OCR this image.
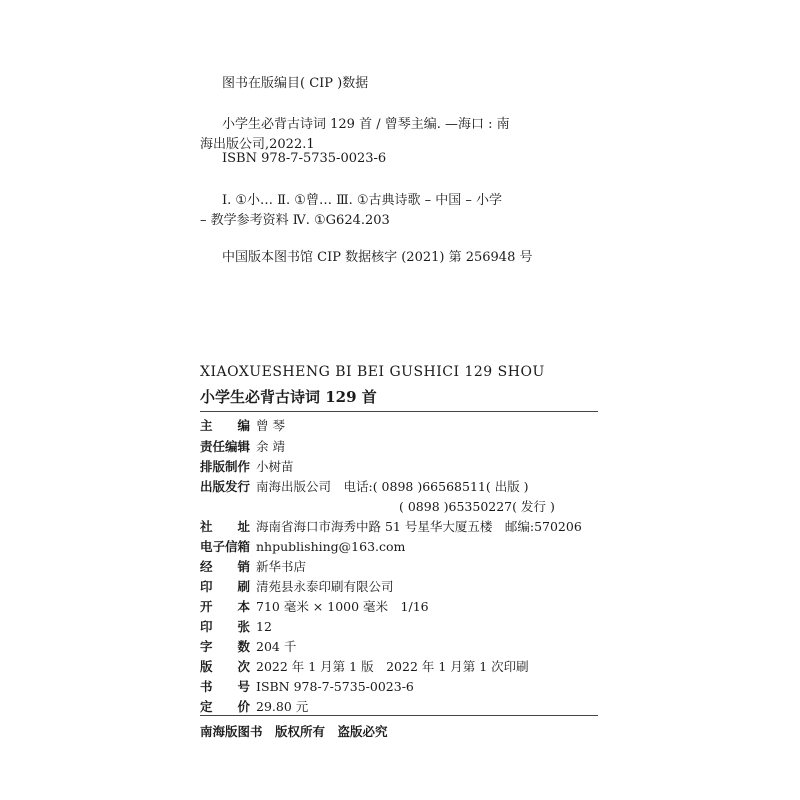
图书在版编目( CIP )数据
小学生必背古诗词 129 首 / 曾琴主编. —海口 : 南
海出版公司,2022.1
ISBN 978-7-5735-0023-6
Ⅰ. ①小… Ⅱ. ①曾… Ⅲ. ①古典诗歌 – 中国 – 小学
– 教学参考资料 Ⅳ. ①G624.203
中国版本图书馆 CIP 数据核字 (2021) 第 256948 号
XIAOXUESHENG BI BEI GUSHICI 129 SHOU
小学生必背古诗词 129 首
主　　编 曾 琴
责任编辑 余 靖
排版制作 小树苗
出版发行 南海出版公司　电话:( 0898 )66568511( 出版 )
( 0898 )65350227( 发行 )
社　　址 海南省海口市海秀中路 51 号星华大厦五楼　邮编:570206
电子信箱 nhpublishing@163.com
经　　销 新华书店
印　　刷 清苑县永泰印刷有限公司
开　　本 710 毫米 × 1000 毫米　1/16
印　　张 12
字　　数 204 千
版　　次 2022 年 1 月第 1 版　2022 年 1 月第 1 次印刷
书　　号 ISBN 978-7-5735-0023-6
定　　价 29.80 元
南海版图书　版权所有　盗版必究
